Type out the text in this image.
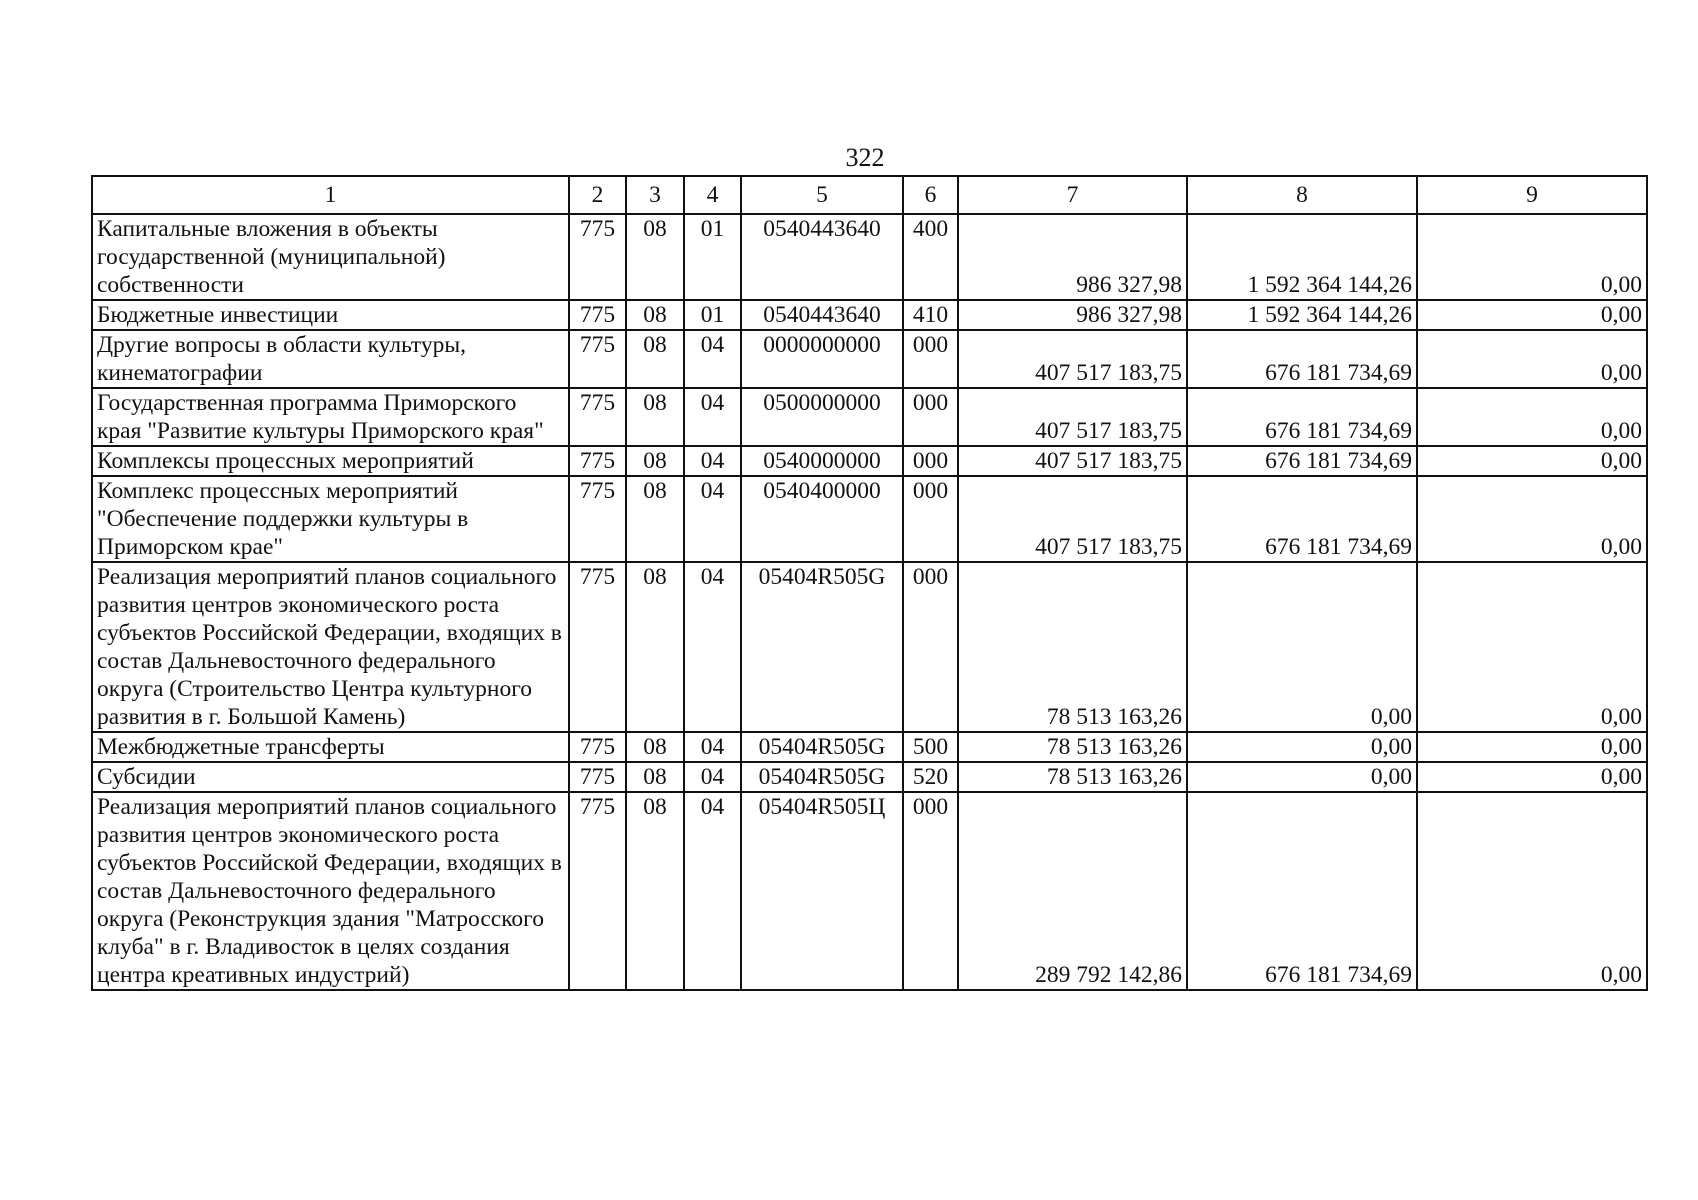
322
1	2	3	4	5	6	7	8	9
Капитальные вложения в объекты государственной (муниципальной) собственности	775	08	01	0540443640	400	986 327,98	1 592 364 144,26	0,00
Бюджетные инвестиции	775	08	01	0540443640	410	986 327,98	1 592 364 144,26	0,00
Другие вопросы в области культуры, кинематографии	775	08	04	0000000000	000	407 517 183,75	676 181 734,69	0,00
Государственная программа Приморского края "Развитие культуры Приморского края"	775	08	04	0500000000	000	407 517 183,75	676 181 734,69	0,00
Комплексы процессных мероприятий	775	08	04	0540000000	000	407 517 183,75	676 181 734,69	0,00
Комплекс процессных мероприятий "Обеспечение поддержки культуры в Приморском крае"	775	08	04	0540400000	000	407 517 183,75	676 181 734,69	0,00
Реализация мероприятий планов социального развития центров экономического роста субъектов Российской Федерации, входящих в состав Дальневосточного федерального округа (Строительство Центра культурного развития в г. Большой Камень)	775	08	04	05404R505G	000	78 513 163,26	0,00	0,00
Межбюджетные трансферты	775	08	04	05404R505G	500	78 513 163,26	0,00	0,00
Субсидии	775	08	04	05404R505G	520	78 513 163,26	0,00	0,00
Реализация мероприятий планов социального развития центров экономического роста субъектов Российской Федерации, входящих в состав Дальневосточного федерального округа (Реконструкция здания "Матросского клуба" в г. Владивосток в целях создания центра креативных индустрий)	775	08	04	05404R505Ц	000	289 792 142,86	676 181 734,69	0,00
